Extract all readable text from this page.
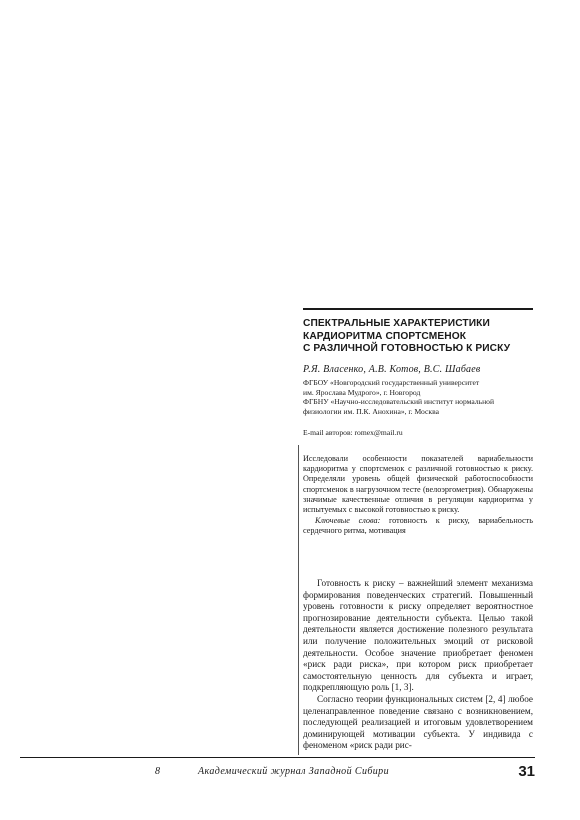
СПЕКТРАЛЬНЫЕ ХАРАКТЕРИСТИКИ
КАРДИОРИТМА СПОРТСМЕНОК
С РАЗЛИЧНОЙ ГОТОВНОСТЬЮ К РИСКУ
Р.Я. Власенко, А.В. Котов, В.С. Шабаев
ФГБОУ «Новгородский государственный университет
им. Ярослава Мудрого», г. Новгород
ФГБНУ «Научно-исследовательский институт нормальной
физиологии им. П.К. Анохина», г. Москва
E-mail авторов: romex@mail.ru

Исследовали особенности показателей вариабельности кардиоритма у спортсменок с различной готовностью к риску. Определяли уровень общей физической работоспособности спортсменок в нагрузочном тесте (велоэргометрия). Обнаружены значимые качественные отличия в регуляции кардиоритма у испытуемых с высокой готовностью к риску.

Ключевые слова: готовность к риску, вариабельность сердечного ритма, мотивация

Готовность к риску – важнейший элемент механизма формирования поведенческих стратегий. Повышенный уровень готовности к риску определяет вероятностное прогнозирование деятельности субъекта. Целью такой деятельности является достижение полезного результата или получение положительных эмоций от рисковой деятельности. Особое значение приобретает феномен «риск ради риска», при котором риск приобретает самостоятельную ценность для субъекта и играет, подкрепляющую роль [1, 3].

Согласно теории функциональных систем [2, 4] любое целенаправленное поведение связано с возникновением, последующей реализацией и итоговым удовлетворением доминирующей мотивации субъекта. У индивида с феноменом «риск ради рис-

8	Академический журнал Западной Сибири	31
